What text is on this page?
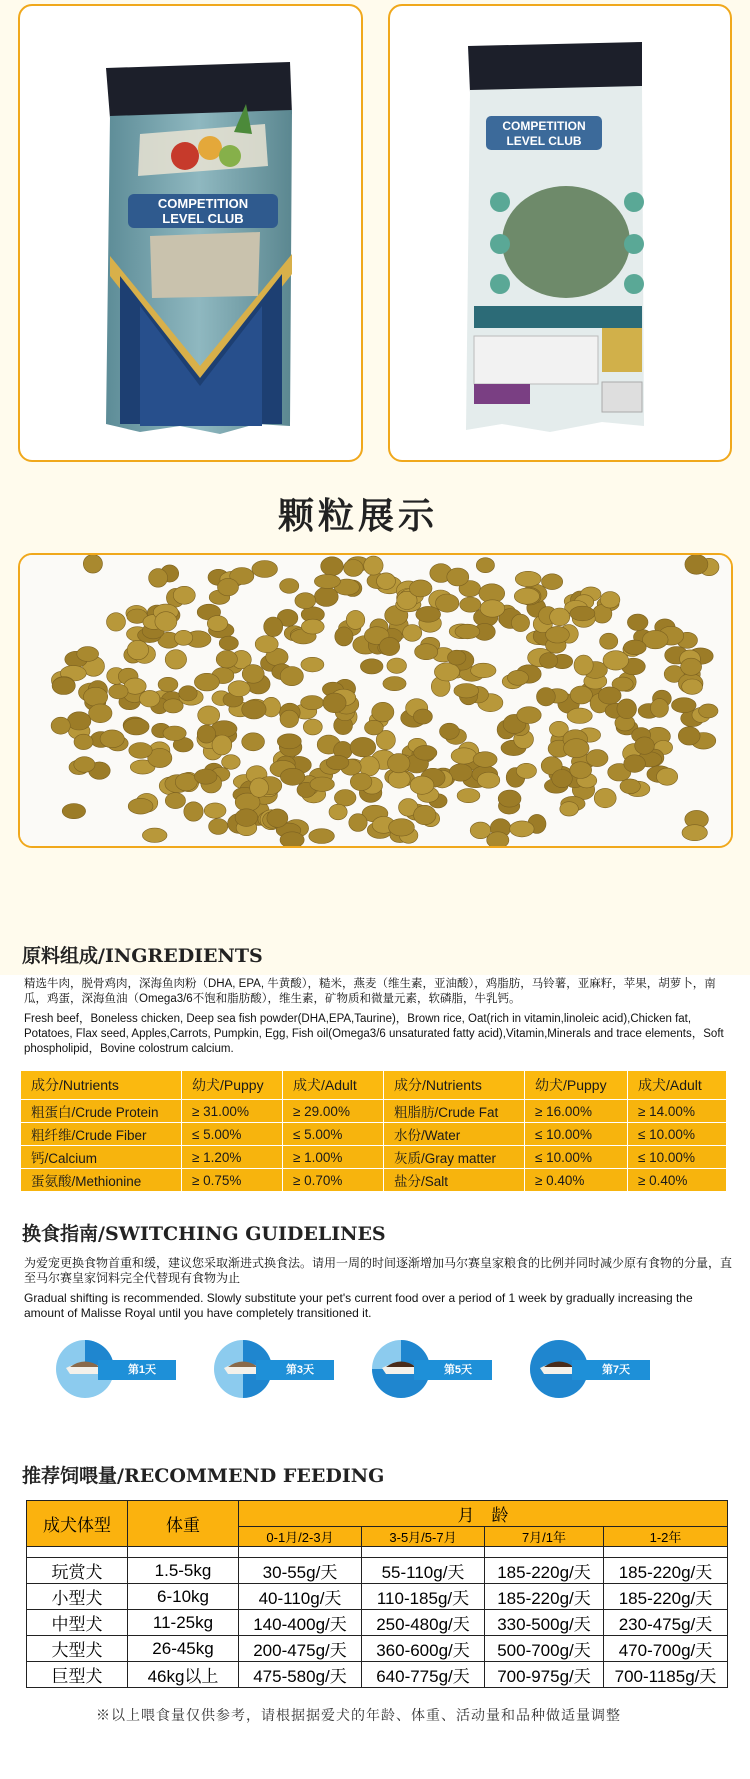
COMPETITION
LEVEL CLUB
COMPETITION
LEVEL CLUB
颗粒展示
原料组成/INGREDIENTS
精选牛肉，脱骨鸡肉，深海鱼肉粉（DHA, EPA, 牛黄酸），糙米，燕麦（维生素，亚油酸），鸡脂肪，马铃薯，亚麻籽，苹果，胡萝卜，南瓜，鸡蛋，深海鱼油（Omega3/6不饱和脂肪酸），维生素，矿物质和微量元素，软磷脂，牛乳钙。
Fresh beef，Boneless chicken, Deep sea fish powder(DHA,EPA,Taurine)，Brown rice, Oat(rich in vitamin,linoleic acid),Chicken fat, Potatoes, Flax seed, Apples,Carrots, Pumpkin, Egg, Fish oil(Omega3/6 unsaturated fatty acid),Vitamin,Minerals and trace elements，Soft phospholipid，Bovine colostrum calcium.
成分/Nutrients	幼犬/Puppy	成犬/Adult	成分/Nutrients	幼犬/Puppy	成犬/Adult
粗蛋白/Crude Protein	≥ 31.00%	≥ 29.00%	粗脂肪/Crude Fat	≥ 16.00%	≥ 14.00%
粗纤维/Crude Fiber	≤ 5.00%	≤ 5.00%	水份/Water	≤ 10.00%	≤ 10.00%
钙/Calcium	≥ 1.20%	≥ 1.00%	灰质/Gray matter	≤ 10.00%	≤ 10.00%
蛋氨酸/Methionine	≥ 0.75%	≥ 0.70%	盐分/Salt	≥ 0.40%	≥ 0.40%
换食指南/SWITCHING GUIDELINES
为爱宠更换食物首重和缓，建议您采取渐进式换食法。请用一周的时间逐渐增加马尔赛皇家粮食的比例并同时减少原有食物的分量，直至马尔赛皇家饲料完全代替现有食物为止
Gradual shifting is recommended. Slowly substitute your pet's current food over a period of 1 week by gradually increasing the amount of Malisse Royal until you have completely transitioned it.
第1天	第3天	第5天	第7天
推荐饲喂量/RECOMMEND FEEDING
成犬体型	体重	月　龄			
		0-1月/2-3月	3-5月/5-7月	7月/1年	1-2年

玩赏犬	1.5-5kg	30-55g/天	55-110g/天	185-220g/天	185-220g/天
小型犬	6-10kg	40-110g/天	110-185g/天	185-220g/天	185-220g/天
中型犬	11-25kg	140-400g/天	250-480g/天	330-500g/天	230-475g/天
大型犬	26-45kg	200-475g/天	360-600g/天	500-700g/天	470-700g/天
巨型犬	46kg以上	475-580g/天	640-775g/天	700-975g/天	700-1185g/天
※以上喂食量仅供参考，请根据据爱犬的年龄、体重、活动量和品种做适量调整
